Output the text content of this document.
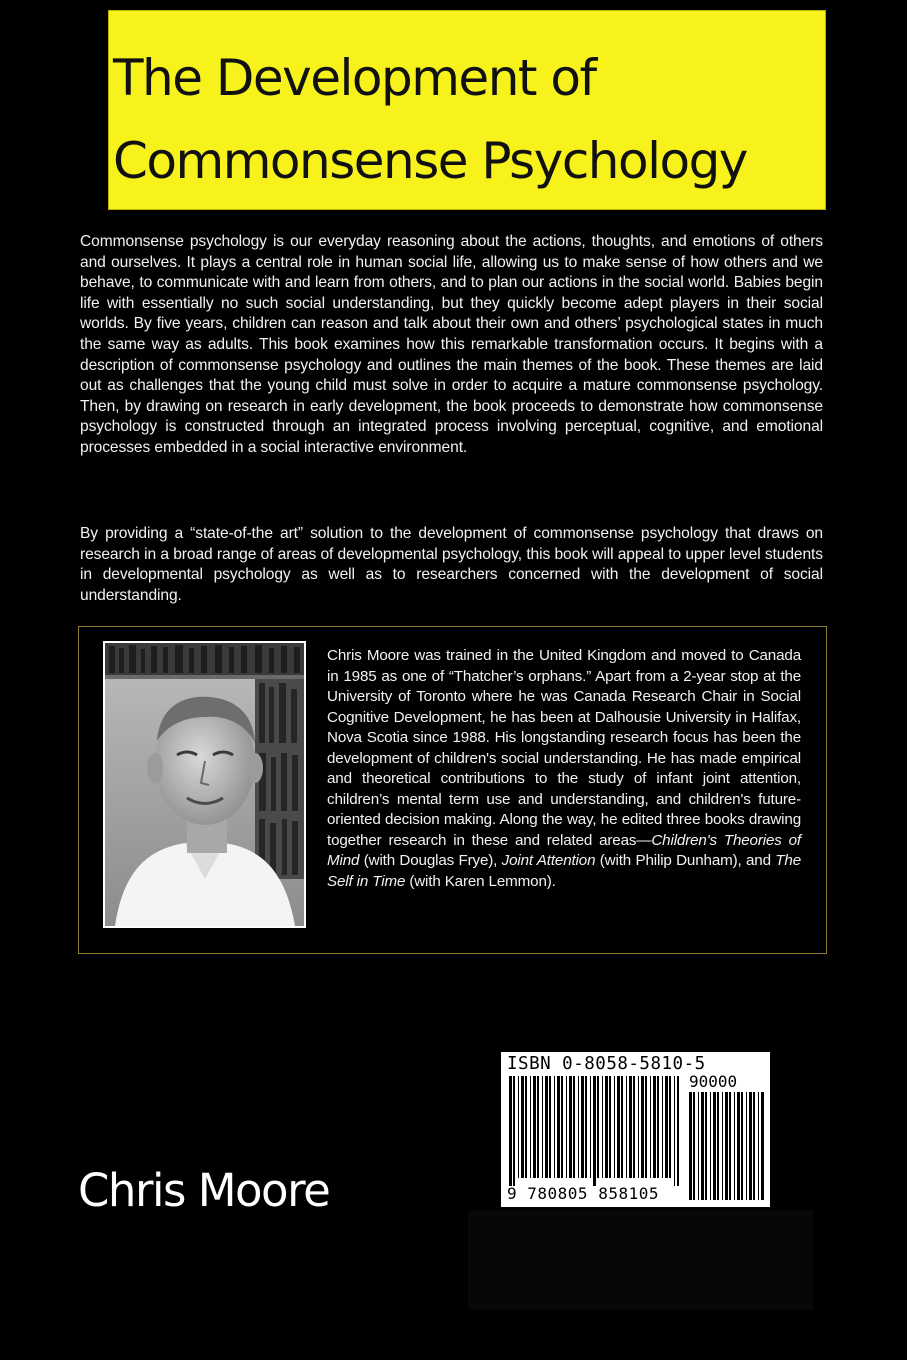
The Development of
Commonsense Psychology

Commonsense psychology is our everyday reasoning about the actions, thoughts, and emotions of others and ourselves. It plays a central role in human social life, allowing us to make sense of how others and we behave, to communicate with and learn from others, and to plan our actions in the social world. Babies begin life with essentially no such social understanding, but they quickly become adept players in their social worlds. By five years, children can reason and talk about their own and others’ psychological states in much the same way as adults. This book examines how this remarkable transformation occurs. It begins with a description of commonsense psychology and outlines the main themes of the book. These themes are laid out as challenges that the young child must solve in order to acquire a mature commonsense psychology. Then, by drawing on research in early development, the book proceeds to demonstrate how commonsense psychology is constructed through an integrated process involving perceptual, cognitive, and emotional processes embedded in a social interactive environment.

By providing a “state-of-the art” solution to the development of commonsense psychology that draws on research in a broad range of areas of developmental psychology, this book will appeal to upper level students in developmental psychology as well as to researchers concerned with the development of social understanding.

Chris Moore was trained in the United Kingdom and moved to Canada in 1985 as one of “Thatcher’s orphans.” Apart from a 2-year stop at the University of Toronto where he was Canada Research Chair in Social Cognitive Development, he has been at Dalhousie University in Halifax, Nova Scotia since 1988. His longstanding research focus has been the development of children's social understanding. He has made empirical and theoretical contributions to the study of infant joint attention, children’s mental term use and understanding, and children's future-oriented decision making. Along the way, he edited three books drawing together research in these and related areas—Children's Theories of Mind (with Douglas Frye), Joint Attention (with Philip Dunham), and The Self in Time (with Karen Lemmon).

Chris Moore
ISBN 0-8058-5810-5
90000
9 780805 858105
